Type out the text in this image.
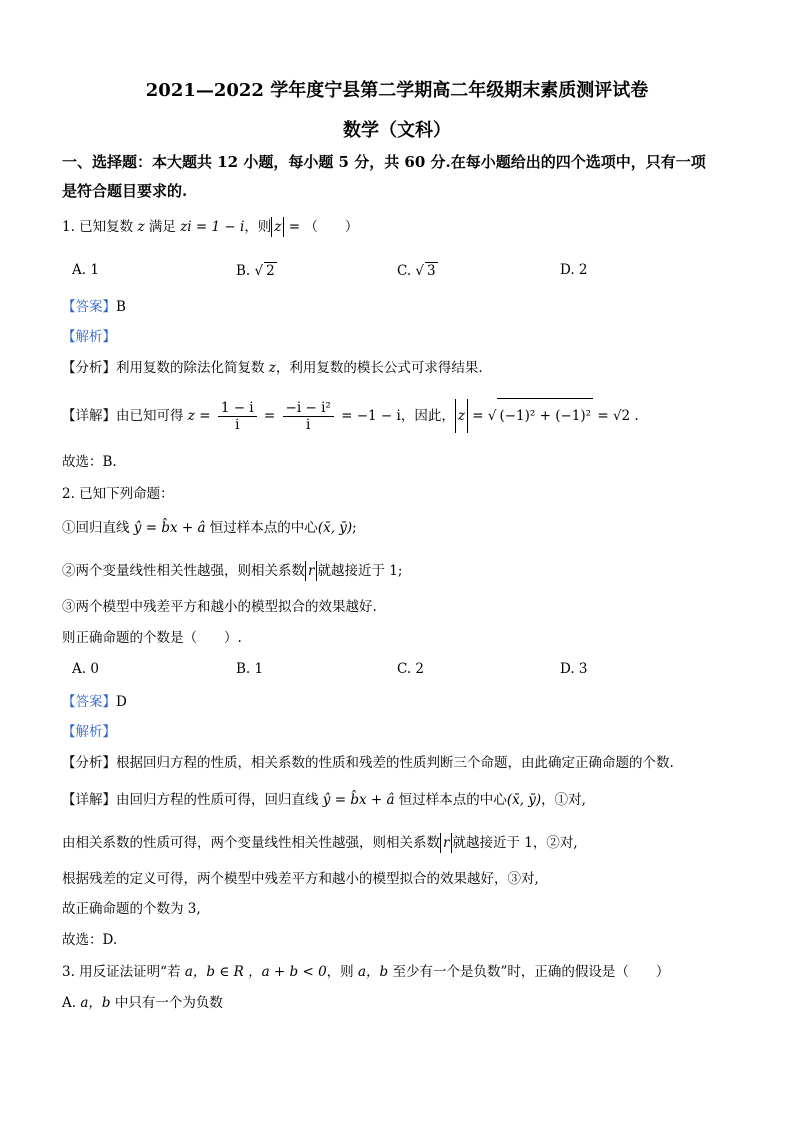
2021—2022 学年度宁县第二学期高二年级期末素质测评试卷
数学（文科）
一、选择题：本大题共 12 小题，每小题 5 分，共 60 分.在每小题给出的四个选项中，只有一项
是符合题目要求的.
1. 已知复数 z 满足 zi = 1 − i，则 z = （　　）
A. 1	B. √ 2	C. √ 3	D. 2
【答案】B
【解析】
【分析】利用复数的除法化简复数 z，利用复数的模长公式可求得结果.
【详解】由已知可得 $z = \frac{1 - i}{i} = \frac{\text{−i − i²}}{i} = -1 - i$，因此， z = √ (−1)² + (−1)² = √2 .
故选：B.
2. 已知下列命题：
①回归直线 ŷ = b̂x + â 恒过样本点的中心(x̄, ȳ);
②两个变量线性相关性越强，则相关系数 r 就越接近于 1;
③两个模型中残差平方和越小的模型拟合的效果越好.
则正确命题的个数是（　　）.
A. 0	B. 1	C. 2	D. 3
【答案】D
【解析】
【分析】根据回归方程的性质，相关系数的性质和残差的性质判断三个命题，由此确定正确命题的个数.
【详解】由回归方程的性质可得，回归直线 ŷ = b̂x + â 恒过样本点的中心(x̄, ȳ)，①对,
由相关系数的性质可得，两个变量线性相关性越强，则相关系数 r 就越接近于 1，②对,
根据残差的定义可得，两个模型中残差平方和越小的模型拟合的效果越好，③对,
故正确命题的个数为 3,
故选：D.
3. 用反证法证明“若 a，b ∈ R ，a + b < 0，则 a，b 至少有一个是负数”时，正确的假设是（　　）
A. a，b 中只有一个为负数
